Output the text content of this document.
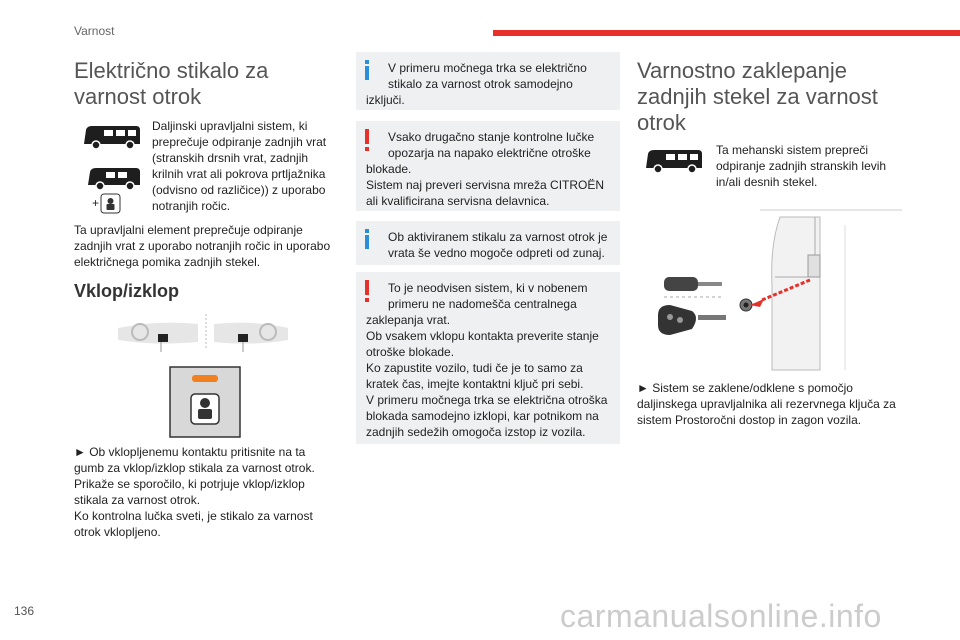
Varnost
Električno stikalo za
varnost otrok
+
Daljinski upravljalni sistem, ki
preprečuje odpiranje zadnjih vrat
(stranskih drsnih vrat, zadnjih
krilnih vrat ali pokrova prtljažnika
(odvisno od različice)) z uporabo
notranjih ročic.
Ta upravljalni element preprečuje odpiranje
zadnjih vrat z uporabo notranjih ročic in uporabo
električnega pomika zadnjih stekel.
Vklop/izklop
► Ob vklopljenemu kontaktu pritisnite na ta
gumb za vklop/izklop stikala za varnost otrok.
Prikaže se sporočilo, ki potrjuje vklop/izklop
stikala za varnost otrok.
Ko kontrolna lučka sveti, je stikalo za varnost
otrok vklopljeno.
V primeru močnega trka se električno
stikalo za varnost otrok samodejno
izključi.
Vsako drugačno stanje kontrolne lučke
opozarja na napako električne otroške
blokade.
Sistem naj preveri servisna mreža CITROËN
ali kvalificirana servisna delavnica.
Ob aktiviranem stikalu za varnost otrok je
vrata še vedno mogoče odpreti od zunaj.
To je neodvisen sistem, ki v nobenem
primeru ne nadomešča centralnega
zaklepanja vrat.
Ob vsakem vklopu kontakta preverite stanje
otroške blokade.
Ko zapustite vozilo, tudi če je to samo za
kratek čas, imejte kontaktni ključ pri sebi.
V primeru močnega trka se električna otroška
blokada samodejno izklopi, kar potnikom na
zadnjih sedežih omogoča izstop iz vozila.
Varnostno zaklepanje
zadnjih stekel za varnost
otrok
Ta mehanski sistem prepreči
odpiranje zadnjih stranskih levih
in/ali desnih stekel.
► Sistem se zaklene/odklene s pomočjo
daljinskega upravljalnika ali rezervnega ključa za
sistem Prostoročni dostop in zagon vozila.
136	carmanualsonline.info
